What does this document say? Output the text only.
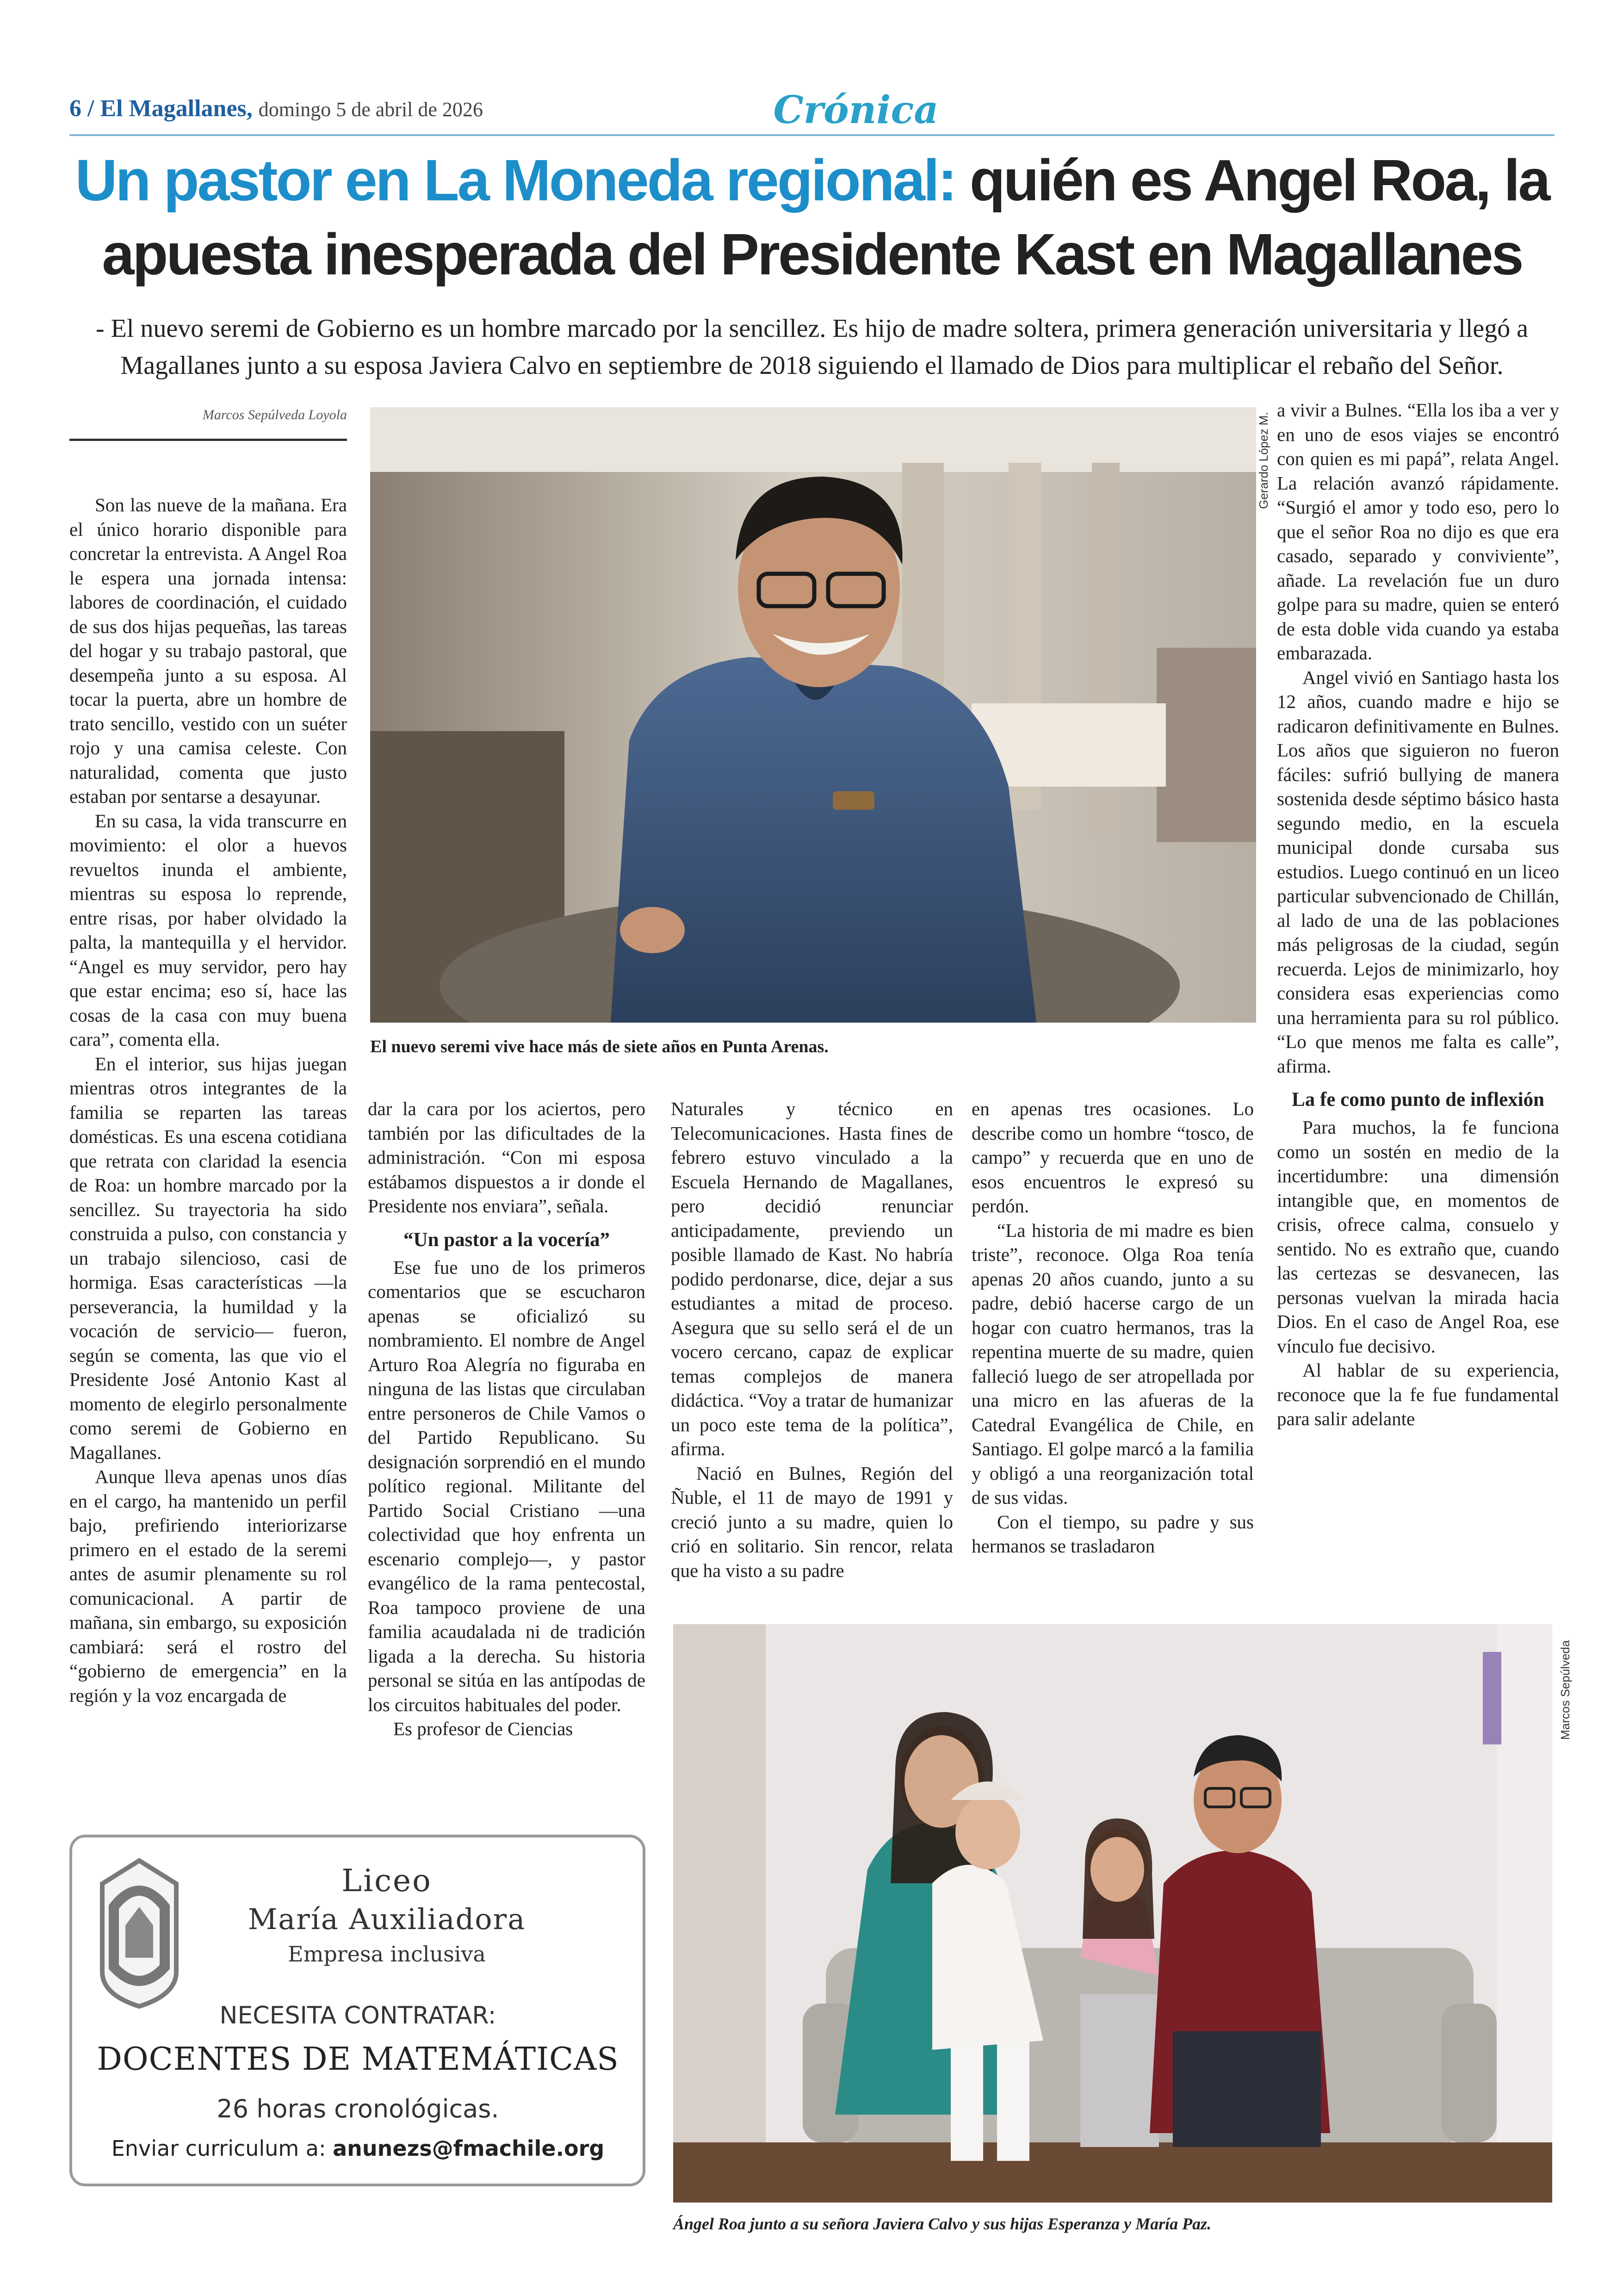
6 / El Magallanes, domingo 5 de abril de 2026	Crónica
Un pastor en La Moneda regional: quién es Angel Roa, la apuesta inesperada del Presidente Kast en Magallanes
- El nuevo seremi de Gobierno es un hombre marcado por la sencillez. Es hijo de madre soltera, primera generación universitaria y llegó a Magallanes junto a su esposa Javiera Calvo en septiembre de 2018 siguiendo el llamado de Dios para multiplicar el rebaño del Señor.
Marcos Sepúlveda Loyola

Son las nueve de la mañana. Era el único horario disponible para concretar la entrevista. A Angel Roa le espera una jornada intensa: labores de coordinación, el cuidado de sus dos hijas pequeñas, las tareas del hogar y su trabajo pastoral, que desempeña junto a su esposa. Al tocar la puerta, abre un hombre de trato sencillo, vestido con un suéter rojo y una camisa celeste. Con naturalidad, comenta que justo estaban por sentarse a desayunar.

En su casa, la vida transcurre en movimiento: el olor a huevos revueltos inunda el ambiente, mientras su esposa lo reprende, entre risas, por haber olvidado la palta, la mantequilla y el hervidor. “Angel es muy servidor, pero hay que estar encima; eso sí, hace las cosas de la casa con muy buena cara”, comenta ella.

En el interior, sus hijas juegan mientras otros integrantes de la familia se reparten las tareas domésticas. Es una escena cotidiana que retrata con claridad la esencia de Roa: un hombre marcado por la sencillez. Su trayectoria ha sido construida a pulso, con constancia y un trabajo silencioso, casi de hormiga. Esas características —la perseverancia, la humildad y la vocación de servicio— fueron, según se comenta, las que vio el Presidente José Antonio Kast al momento de elegirlo personalmente como seremi de Gobierno en Magallanes.

Aunque lleva apenas unos días en el cargo, ha mantenido un perfil bajo, prefiriendo interiorizarse primero en el estado de la seremi antes de asumir plenamente su rol comunicacional. A partir de mañana, sin embargo, su exposición cambiará: será el rostro del “gobierno de emergencia” en la región y la voz encargada de

Gerardo López M.
El nuevo seremi vive hace más de siete años en Punta Arenas.

dar la cara por los aciertos, pero también por las dificultades de la administración. “Con mi esposa estábamos dispuestos a ir donde el Presidente nos enviara”, señala.

“Un pastor a la vocería”

Ese fue uno de los primeros comentarios que se escucharon apenas se oficializó su nombramiento. El nombre de Angel Arturo Roa Alegría no figuraba en ninguna de las listas que circulaban entre personeros de Chile Vamos o del Partido Republicano. Su designación sorprendió en el mundo político regional. Militante del Partido Social Cristiano —una colectividad que hoy enfrenta un escenario complejo—, y pastor evangélico de la rama pentecostal, Roa tampoco proviene de una familia acaudalada ni de tradición ligada a la derecha. Su historia personal se sitúa en las antípodas de los circuitos habituales del poder.

Es profesor de Ciencias

Naturales y técnico en Telecomunicaciones. Hasta fines de febrero estuvo vinculado a la Escuela Hernando de Magallanes, pero decidió renunciar anticipadamente, previendo un posible llamado de Kast. No habría podido perdonarse, dice, dejar a sus estudiantes a mitad de proceso. Asegura que su sello será el de un vocero cercano, capaz de explicar temas complejos de manera didáctica. “Voy a tratar de humanizar un poco este tema de la política”, afirma.

Nació en Bulnes, Región del Ñuble, el 11 de mayo de 1991 y creció junto a su madre, quien lo crió en solitario. Sin rencor, relata que ha visto a su padre

en apenas tres ocasiones. Lo describe como un hombre “tosco, de campo” y recuerda que en uno de esos encuentros le expresó su perdón.

“La historia de mi madre es bien triste”, reconoce. Olga Roa tenía apenas 20 años cuando, junto a su padre, debió hacerse cargo de un hogar con cuatro hermanos, tras la repentina muerte de su madre, quien falleció luego de ser atropellada por una micro en las afueras de la Catedral Evangélica de Chile, en Santiago. El golpe marcó a la familia y obligó a una reorganización total de sus vidas.

Con el tiempo, su padre y sus hermanos se trasladaron

a vivir a Bulnes. “Ella los iba a ver y en uno de esos viajes se encontró con quien es mi papá”, relata Angel. La relación avanzó rápidamente. “Surgió el amor y todo eso, pero lo que el señor Roa no dijo es que era casado, separado y conviviente”, añade. La revelación fue un duro golpe para su madre, quien se enteró de esta doble vida cuando ya estaba embarazada.

Angel vivió en Santiago hasta los 12 años, cuando madre e hijo se radicaron definitivamente en Bulnes. Los años que siguieron no fueron fáciles: sufrió bullying de manera sostenida desde séptimo básico hasta segundo medio, en la escuela municipal donde cursaba sus estudios. Luego continuó en un liceo particular subvencionado de Chillán, al lado de una de las poblaciones más peligrosas de la ciudad, según recuerda. Lejos de minimizarlo, hoy considera esas experiencias como una herramienta para su rol público. “Lo que menos me falta es calle”, afirma.

La fe como punto de inflexión

Para muchos, la fe funciona como un sostén en medio de la incertidumbre: una dimensión intangible que, en momentos de crisis, ofrece calma, consuelo y sentido. No es extraño que, cuando las certezas se desvanecen, las personas vuelvan la mirada hacia Dios. En el caso de Angel Roa, ese vínculo fue decisivo.

Al hablar de su experiencia, reconoce que la fe fue fundamental para salir adelante

Marcos Sepúlveda
Ángel Roa junto a su señora Javiera Calvo y sus hijas Esperanza y María Paz.
Liceo
María Auxiliadora
Empresa inclusiva
NECESITA CONTRATAR:
DOCENTES DE MATEMÁTICAS
26 horas cronológicas.
Enviar curriculum a: anunezs@fmachile.org
